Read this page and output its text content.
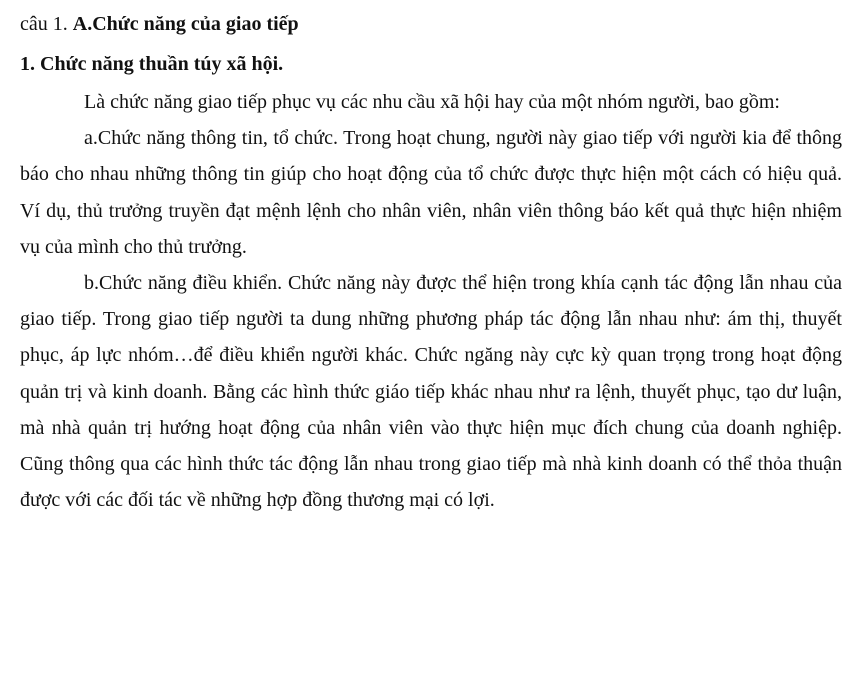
câu 1. A.Chức năng của giao tiếp
1. Chức năng thuần túy xã hội.

Là chức năng giao tiếp phục vụ các nhu cầu xã hội hay của một nhóm người, bao gồm:

a.Chức năng thông tin, tổ chức. Trong hoạt chung, người này giao tiếp với người kia để thông báo cho nhau những thông tin giúp cho hoạt động của tổ chức được thực hiện một cách có hiệu quả. Ví dụ, thủ trưởng truyền đạt mệnh lệnh cho nhân viên, nhân viên thông báo kết quả thực hiện nhiệm vụ của mình cho thủ trưởng.

b.Chức năng điều khiển. Chức năng này được thể hiện trong khía cạnh tác động lẫn nhau của giao tiếp. Trong giao tiếp người ta dung những phương pháp tác động lẫn nhau như: ám thị, thuyết phục, áp lực nhóm…để điều khiển người khác. Chức ngăng này cực kỳ quan trọng trong hoạt động quản trị và kinh doanh. Bằng các hình thức giáo tiếp khác nhau như ra lệnh, thuyết phục, tạo dư luận, mà nhà quản trị hướng hoạt động của nhân viên vào thực hiện mục đích chung của doanh nghiệp. Cũng thông qua các hình thức tác động lẫn nhau trong giao tiếp mà nhà kinh doanh có thể thỏa thuận được với các đối tác về những hợp đồng thương mại có lợi.
